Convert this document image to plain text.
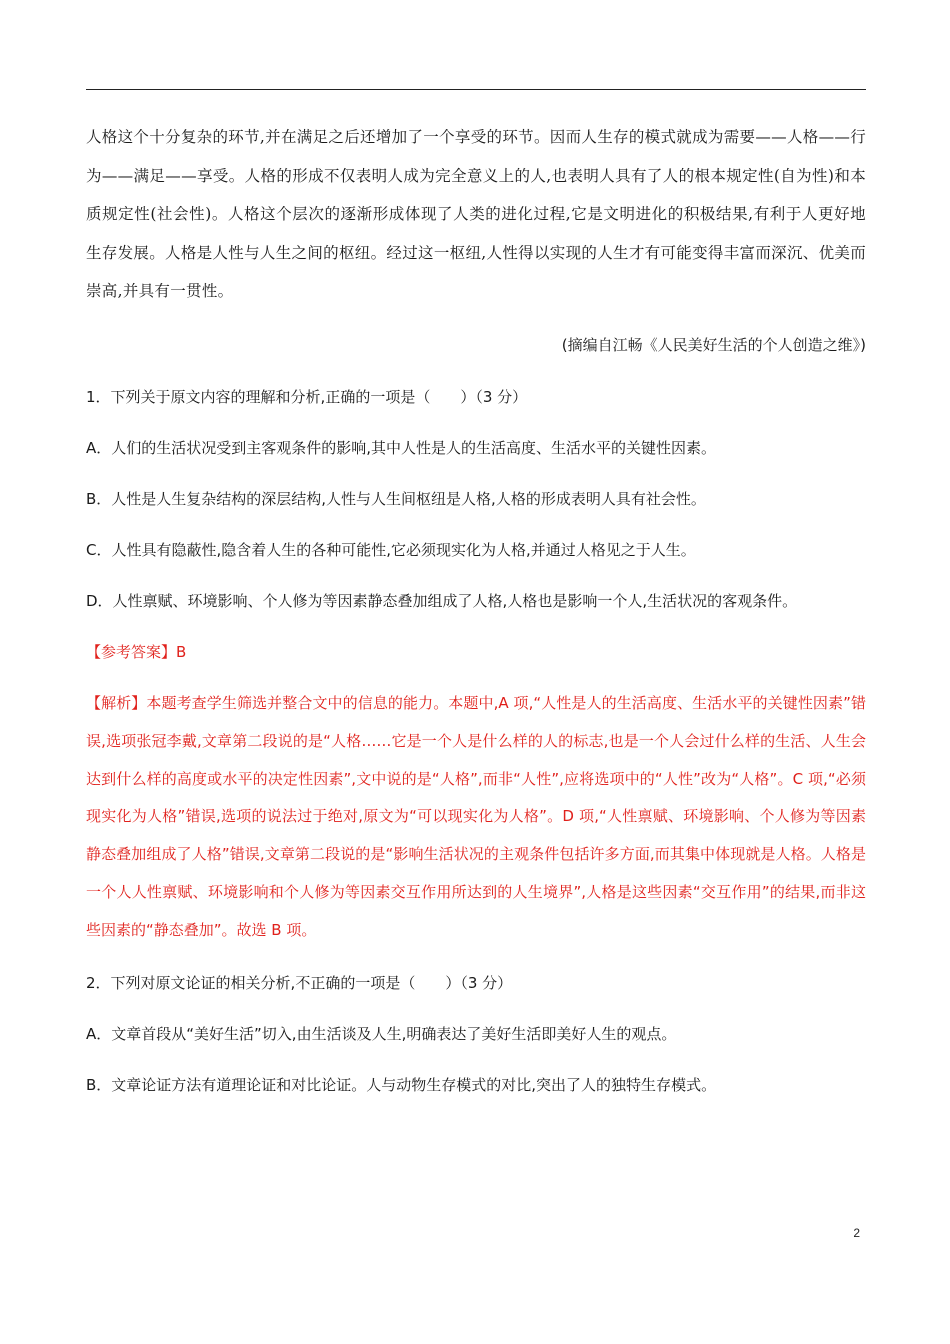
人格这个十分复杂的环节,并在满足之后还增加了一个享受的环节。因而人生存的模式就成为需要——人格——行为——满足——享受。人格的形成不仅表明人成为完全意义上的人,也表明人具有了人的根本规定性(自为性)和本质规定性(社会性)。人格这个层次的逐渐形成体现了人类的进化过程,它是文明进化的积极结果,有利于人更好地生存发展。人格是人性与人生之间的枢纽。经过这一枢纽,人性得以实现的人生才有可能变得丰富而深沉、优美而崇高,并具有一贯性。

(摘编自江畅《人民美好生活的个人创造之维》)

1．下列关于原文内容的理解和分析,正确的一项是（　　）（3 分）

A．人们的生活状况受到主客观条件的影响,其中人性是人的生活高度、生活水平的关键性因素。

B．人性是人生复杂结构的深层结构,人性与人生间枢纽是人格,人格的形成表明人具有社会性。

C．人性具有隐蔽性,隐含着人生的各种可能性,它必须现实化为人格,并通过人格见之于人生。

D．人性禀赋、环境影响、个人修为等因素静态叠加组成了人格,人格也是影响一个人,生活状况的客观条件。

【参考答案】B

【解析】本题考查学生筛选并整合文中的信息的能力。本题中,A 项,“人性是人的生活高度、生活水平的关键性因素”错误,选项张冠李戴,文章第二段说的是“人格……它是一个人是什么样的人的标志,也是一个人会过什么样的生活、人生会达到什么样的高度或水平的决定性因素”,文中说的是“人格”,而非“人性”,应将选项中的“人性”改为“人格”。C 项,“必须现实化为人格”错误,选项的说法过于绝对,原文为“可以现实化为人格”。D 项,“人性禀赋、环境影响、个人修为等因素静态叠加组成了人格”错误,文章第二段说的是“影响生活状况的主观条件包括许多方面,而其集中体现就是人格。人格是一个人人性禀赋、环境影响和个人修为等因素交互作用所达到的人生境界”,人格是这些因素“交互作用”的结果,而非这些因素的“静态叠加”。故选 B 项。

2．下列对原文论证的相关分析,不正确的一项是（　　）（3 分）

A．文章首段从“美好生活”切入,由生活谈及人生,明确表达了美好生活即美好人生的观点。

B．文章论证方法有道理论证和对比论证。人与动物生存模式的对比,突出了人的独特生存模式。

2
